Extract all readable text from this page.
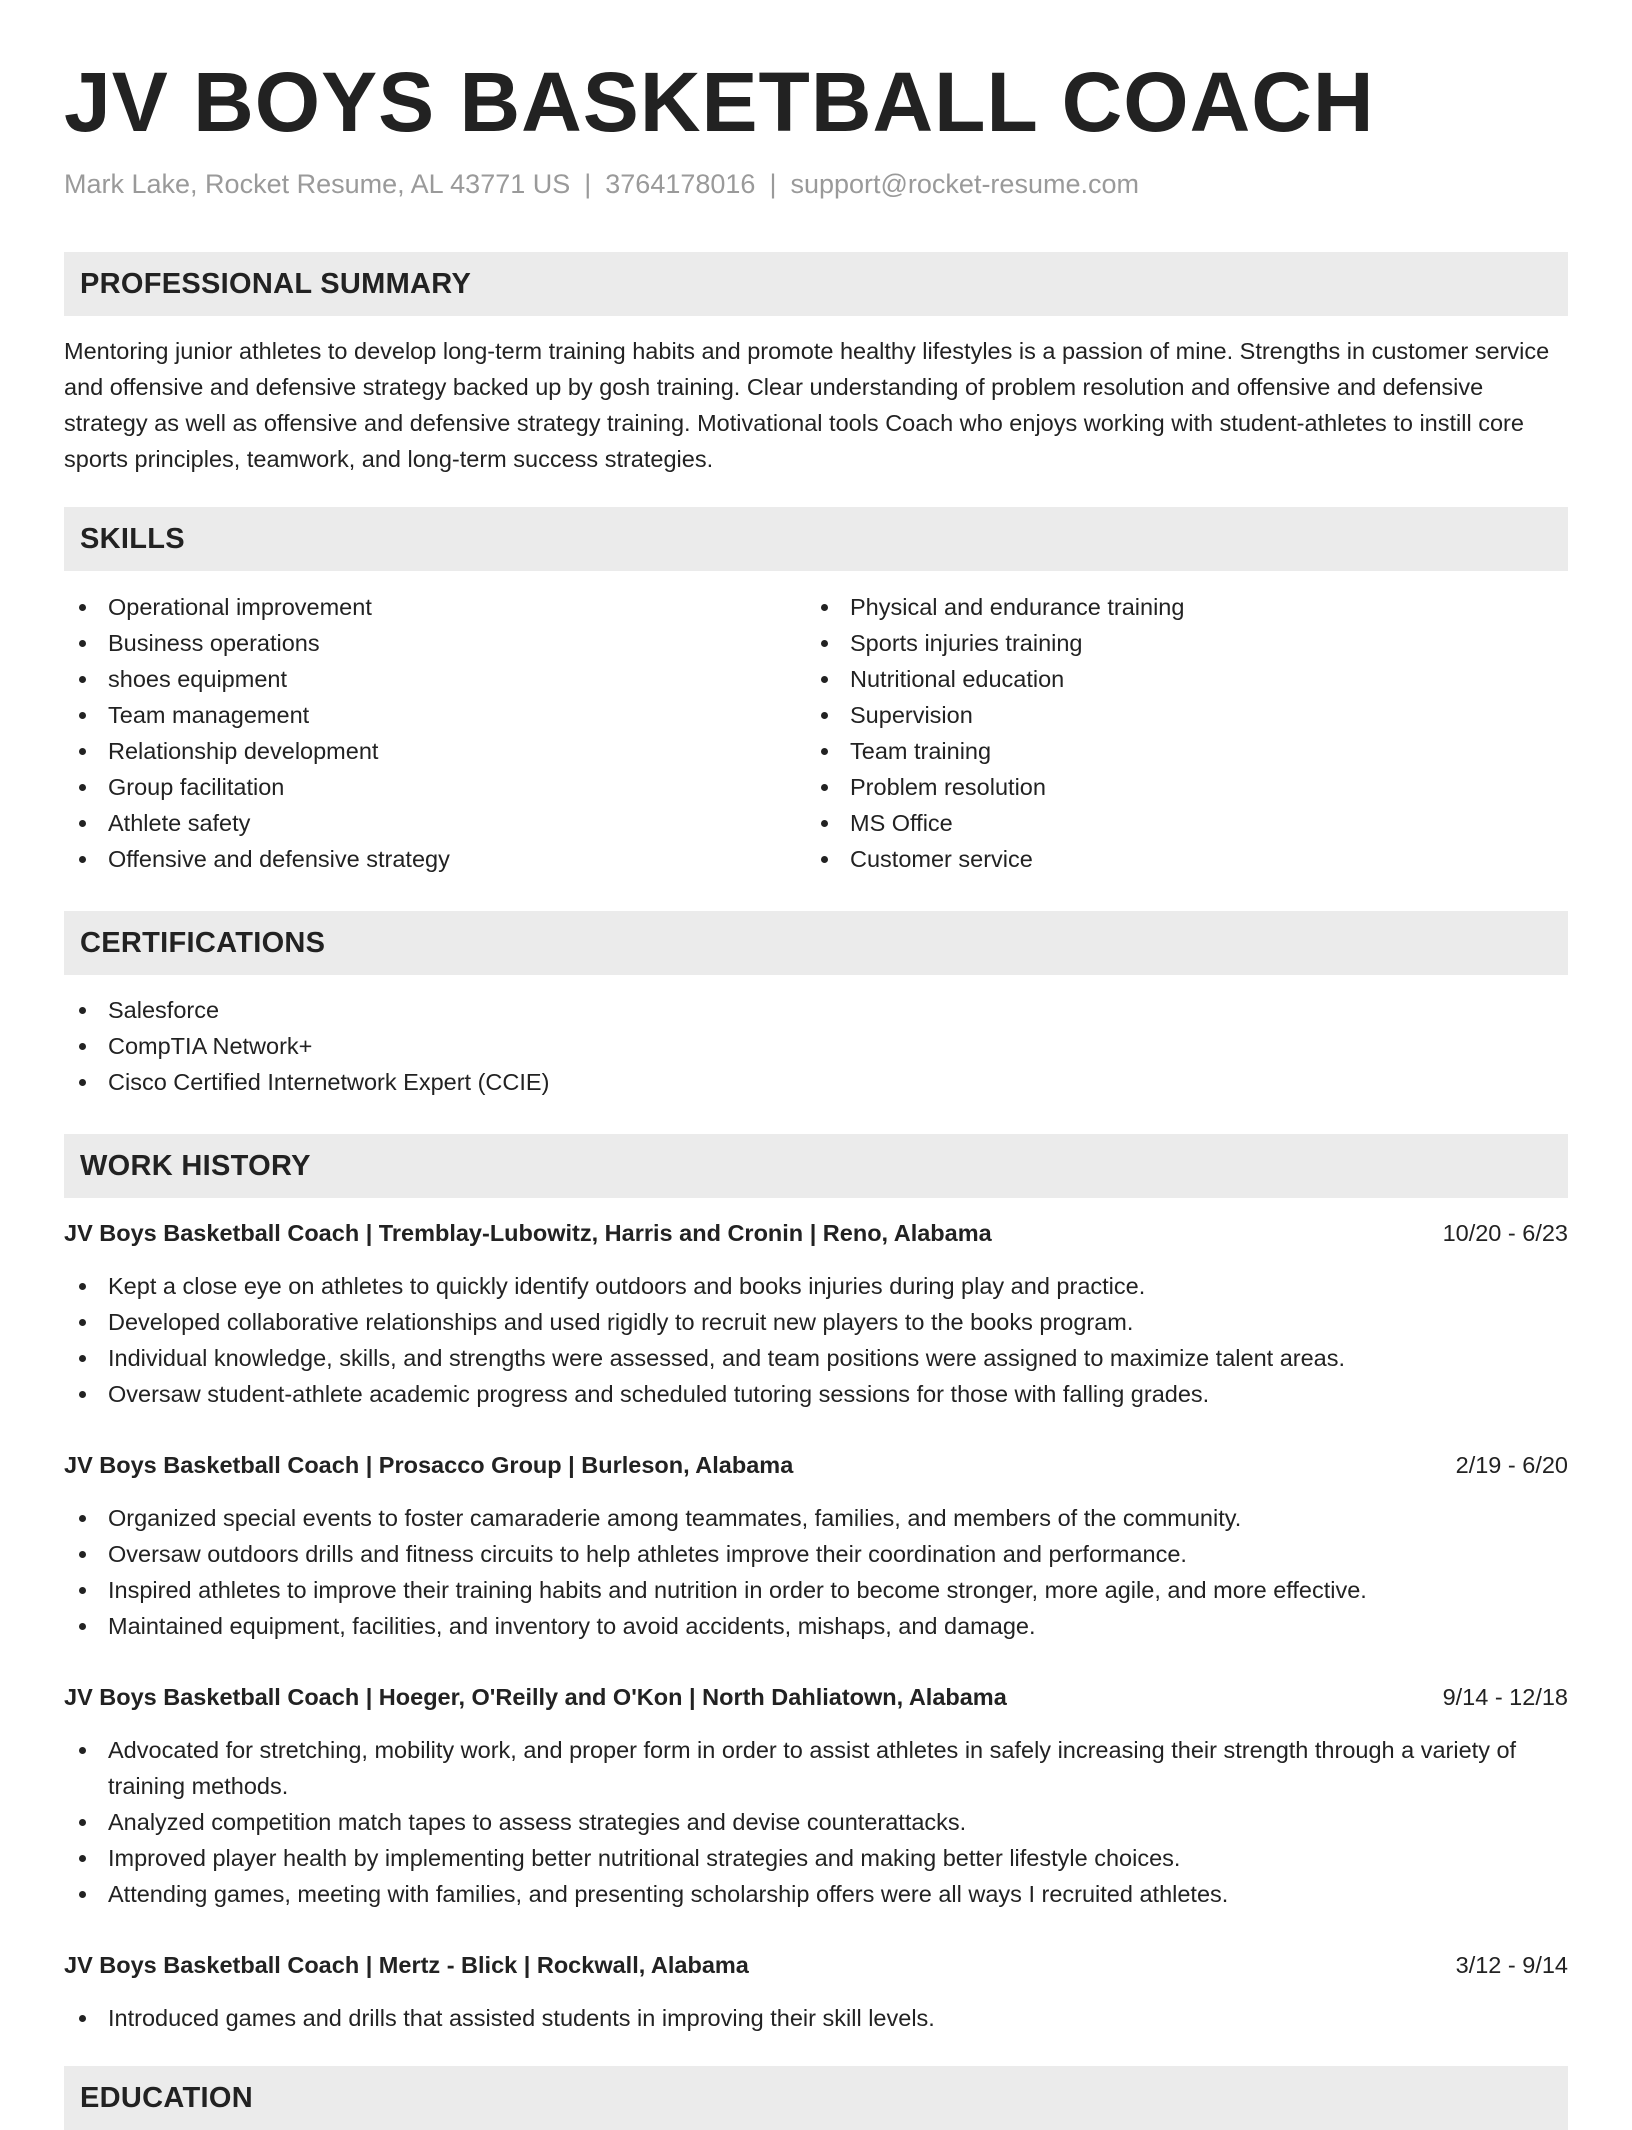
JV BOYS BASKETBALL COACH
Mark Lake, Rocket Resume, AL 43771 US | 3764178016 | support@rocket-resume.com
PROFESSIONAL SUMMARY

Mentoring junior athletes to develop long-term training habits and promote healthy lifestyles is a passion of mine. Strengths in customer service and offensive and defensive strategy backed up by gosh training. Clear understanding of problem resolution and offensive and defensive strategy as well as offensive and defensive strategy training. Motivational tools Coach who enjoys working with student-athletes to instill core sports principles, teamwork, and long-term success strategies.

SKILLS
Operational improvement
Business operations
shoes equipment
Team management
Relationship development
Group facilitation
Athlete safety
Offensive and defensive strategy
Physical and endurance training
Sports injuries training
Nutritional education
Supervision
Team training
Problem resolution
MS Office
Customer service
CERTIFICATIONS
Salesforce
CompTIA Network+
Cisco Certified Internetwork Expert (CCIE)
WORK HISTORY
JV Boys Basketball Coach | Tremblay-Lubowitz, Harris and Cronin | Reno, Alabama	10/20 - 6/23
Kept a close eye on athletes to quickly identify outdoors and books injuries during play and practice.
Developed collaborative relationships and used rigidly to recruit new players to the books program.
Individual knowledge, skills, and strengths were assessed, and team positions were assigned to maximize talent areas.
Oversaw student-athlete academic progress and scheduled tutoring sessions for those with falling grades.
JV Boys Basketball Coach | Prosacco Group | Burleson, Alabama	2/19 - 6/20
Organized special events to foster camaraderie among teammates, families, and members of the community.
Oversaw outdoors drills and fitness circuits to help athletes improve their coordination and performance.
Inspired athletes to improve their training habits and nutrition in order to become stronger, more agile, and more effective.
Maintained equipment, facilities, and inventory to avoid accidents, mishaps, and damage.
JV Boys Basketball Coach | Hoeger, O'Reilly and O'Kon | North Dahliatown, Alabama	9/14 - 12/18
Advocated for stretching, mobility work, and proper form in order to assist athletes in safely increasing their strength through a variety of training methods.
Analyzed competition match tapes to assess strategies and devise counterattacks.
Improved player health by implementing better nutritional strategies and making better lifestyle choices.
Attending games, meeting with families, and presenting scholarship offers were all ways I recruited athletes.
JV Boys Basketball Coach | Mertz - Blick | Rockwall, Alabama	3/12 - 9/14
Introduced games and drills that assisted students in improving their skill levels.
EDUCATION
